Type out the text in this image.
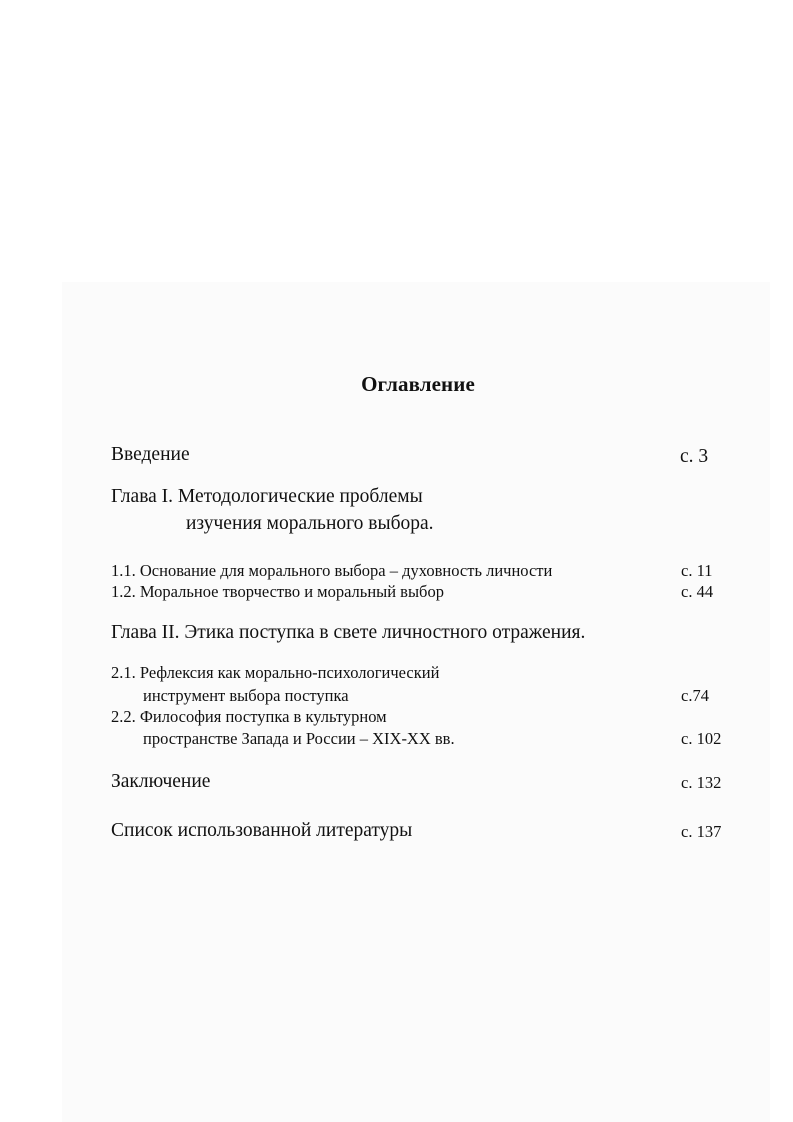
Оглавление
Введение	с. 3
Глава I. Методологические проблемы
изучения морального выбора.
1.1. Основание для морального выбора – духовность личности	с. 11
1.2. Моральное творчество и моральный выбор	с. 44
Глава II. Этика поступка в свете личностного отражения.
2.1. Рефлексия как морально-психологический
инструмент выбора поступка	с.74
2.2. Философия поступка в культурном
пространстве Запада и России – XIX-XX вв.	с. 102
Заключение	с. 132
Список использованной литературы	с. 137
